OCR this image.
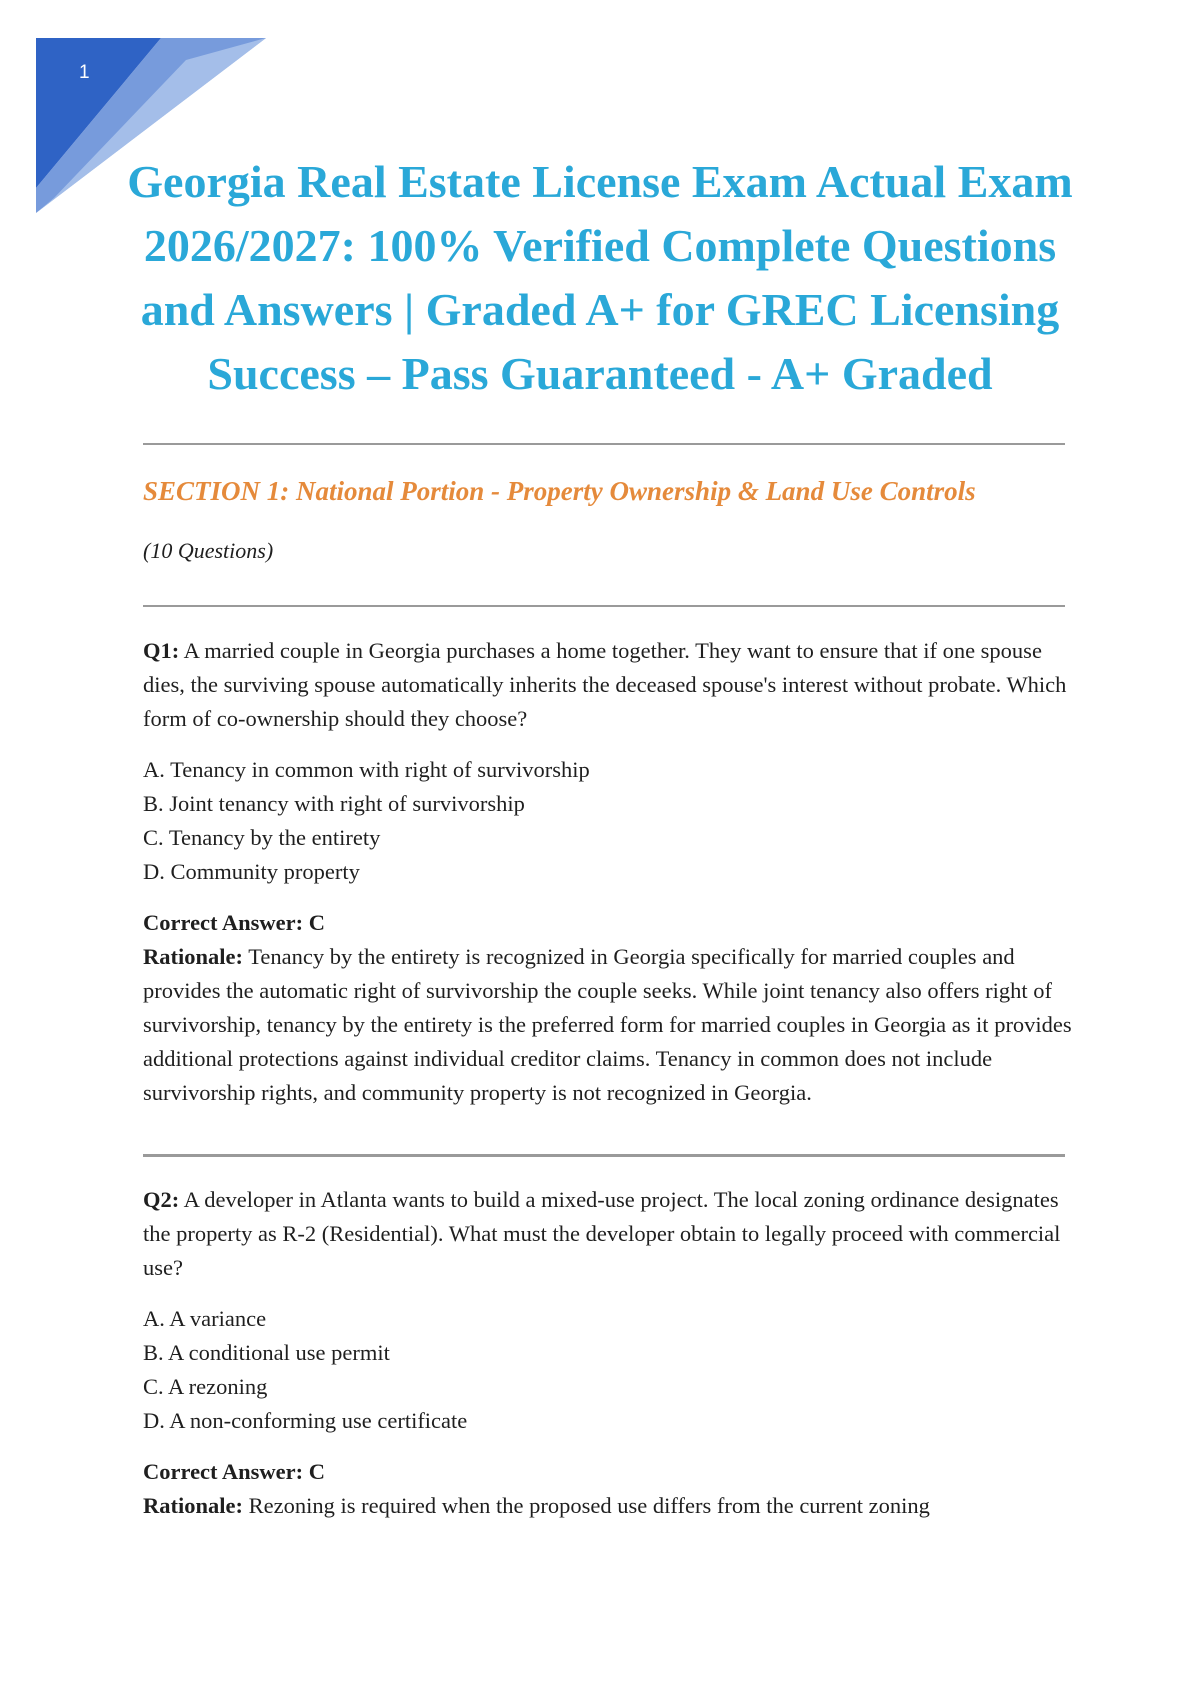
1
Georgia Real Estate License Exam Actual Exam 2026/2027: 100% Verified Complete Questions and Answers | Graded A+ for GREC Licensing Success – Pass Guaranteed - A+ Graded
SECTION 1: National Portion - Property Ownership & Land Use Controls
(10 Questions)

Q1: A married couple in Georgia purchases a home together. They want to ensure that if one spouse dies, the surviving spouse automatically inherits the deceased spouse's interest without probate. Which form of co-ownership should they choose?

A. Tenancy in common with right of survivorship
B. Joint tenancy with right of survivorship
C. Tenancy by the entirety
D. Community property

Correct Answer: C

Rationale: Tenancy by the entirety is recognized in Georgia specifically for married couples and provides the automatic right of survivorship the couple seeks. While joint tenancy also offers right of survivorship, tenancy by the entirety is the preferred form for married couples in Georgia as it provides additional protections against individual creditor claims. Tenancy in common does not include survivorship rights, and community property is not recognized in Georgia.

Q2: A developer in Atlanta wants to build a mixed-use project. The local zoning ordinance designates the property as R-2 (Residential). What must the developer obtain to legally proceed with commercial use?

A. A variance
B. A conditional use permit
C. A rezoning
D. A non-conforming use certificate

Correct Answer: C

Rationale: Rezoning is required when the proposed use differs from the current zoning
